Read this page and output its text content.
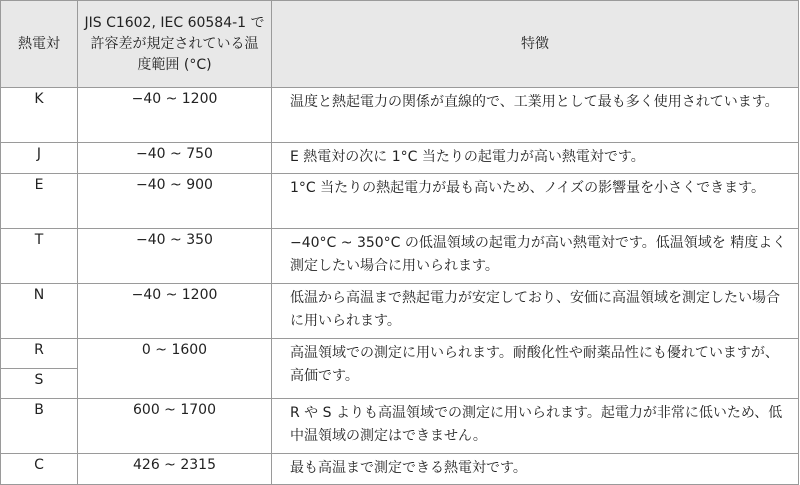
熱電対	JIS C1602, IEC 60584-1 で許容差が規定されている温度範囲 (°C)	特徴
K	−40 ~ 1200	温度と熱起電力の関係が直線的で、工業用として最も多く使用されています。
J	−40 ~ 750	E 熱電対の次に 1°C 当たりの起電力が高い熱電対です。
E	−40 ~ 900	1°C 当たりの熱起電力が最も高いため、ノイズの影響量を小さくできます。
T	−40 ~ 350	−40°C ~ 350°C の低温領域の起電力が高い熱電対です。低温領域を 精度よく測定したい場合に用いられます。
N	−40 ~ 1200	低温から高温まで熱起電力が安定しており、安価に高温領域を測定したい場合に用いられます。
R	0 ~ 1600	高温領域での測定に用いられます。耐酸化性や耐薬品性にも優れていますが、高価です。
S		
B	600 ~ 1700	R や S よりも高温領域での測定に用いられます。起電力が非常に低いため、低中温領域の測定はできません。
C	426 ~ 2315	最も高温まで測定できる熱電対です。
